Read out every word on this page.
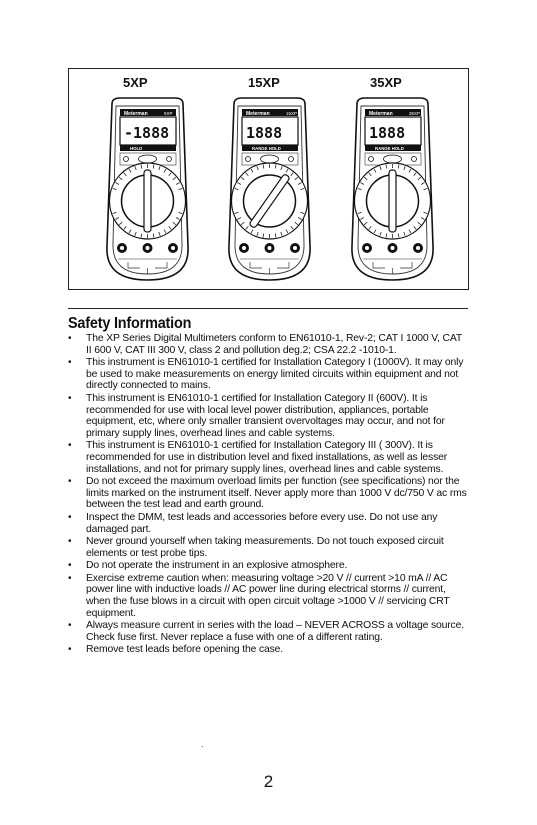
5XP	15XP	35XP
Meterman	5XP
-1888
HOLD
Meterman	15XP
1888
RANGE HOLD
Meterman	35XP
1888
RANGE HOLD
Safety Information
• The XP Series Digital Multimeters conform to EN61010-1, Rev-2; CAT I 1000 V, CAT II 600 V, CAT III 300 V, class 2 and pollution deg.2; CSA 22.2 -1010-1.
• This instrument is EN61010-1 certified for Installation Category I (1000V). It may only be used to make measurements on energy limited circuits within equipment and not directly connected to mains.
• This instrument is EN61010-1 certified for Installation Category II (600V). It is recommended for use with local level power distribution, appliances, portable equipment, etc, where only smaller transient overvoltages may occur, and not for primary supply lines, overhead lines and cable systems.
• This instrument is EN61010-1 certified for Installation Category III ( 300V). It is recommended for use in distribution level and fixed installations, as well as lesser installations, and not for primary supply lines, overhead lines and cable systems.
• Do not exceed the maximum overload limits per function (see specifications) nor the limits marked on the instrument itself. Never apply more than 1000 V dc/750 V ac rms between the test lead and earth ground.
• Inspect the DMM, test leads and accessories before every use. Do not use any damaged part.
• Never ground yourself when taking measurements. Do not touch exposed circuit elements or test probe tips.
• Do not operate the instrument in an explosive atmosphere.
• Exercise extreme caution when: measuring voltage >20 V // current >10 mA // AC power line with inductive loads // AC power line during electrical storms // current, when the fuse blows in a circuit with open circuit voltage >1000 V // servicing CRT equipment.
• Always measure current in series with the load – NEVER ACROSS a voltage source. Check fuse first. Never replace a fuse with one of a different rating.
• Remove test leads before opening the case.
2
